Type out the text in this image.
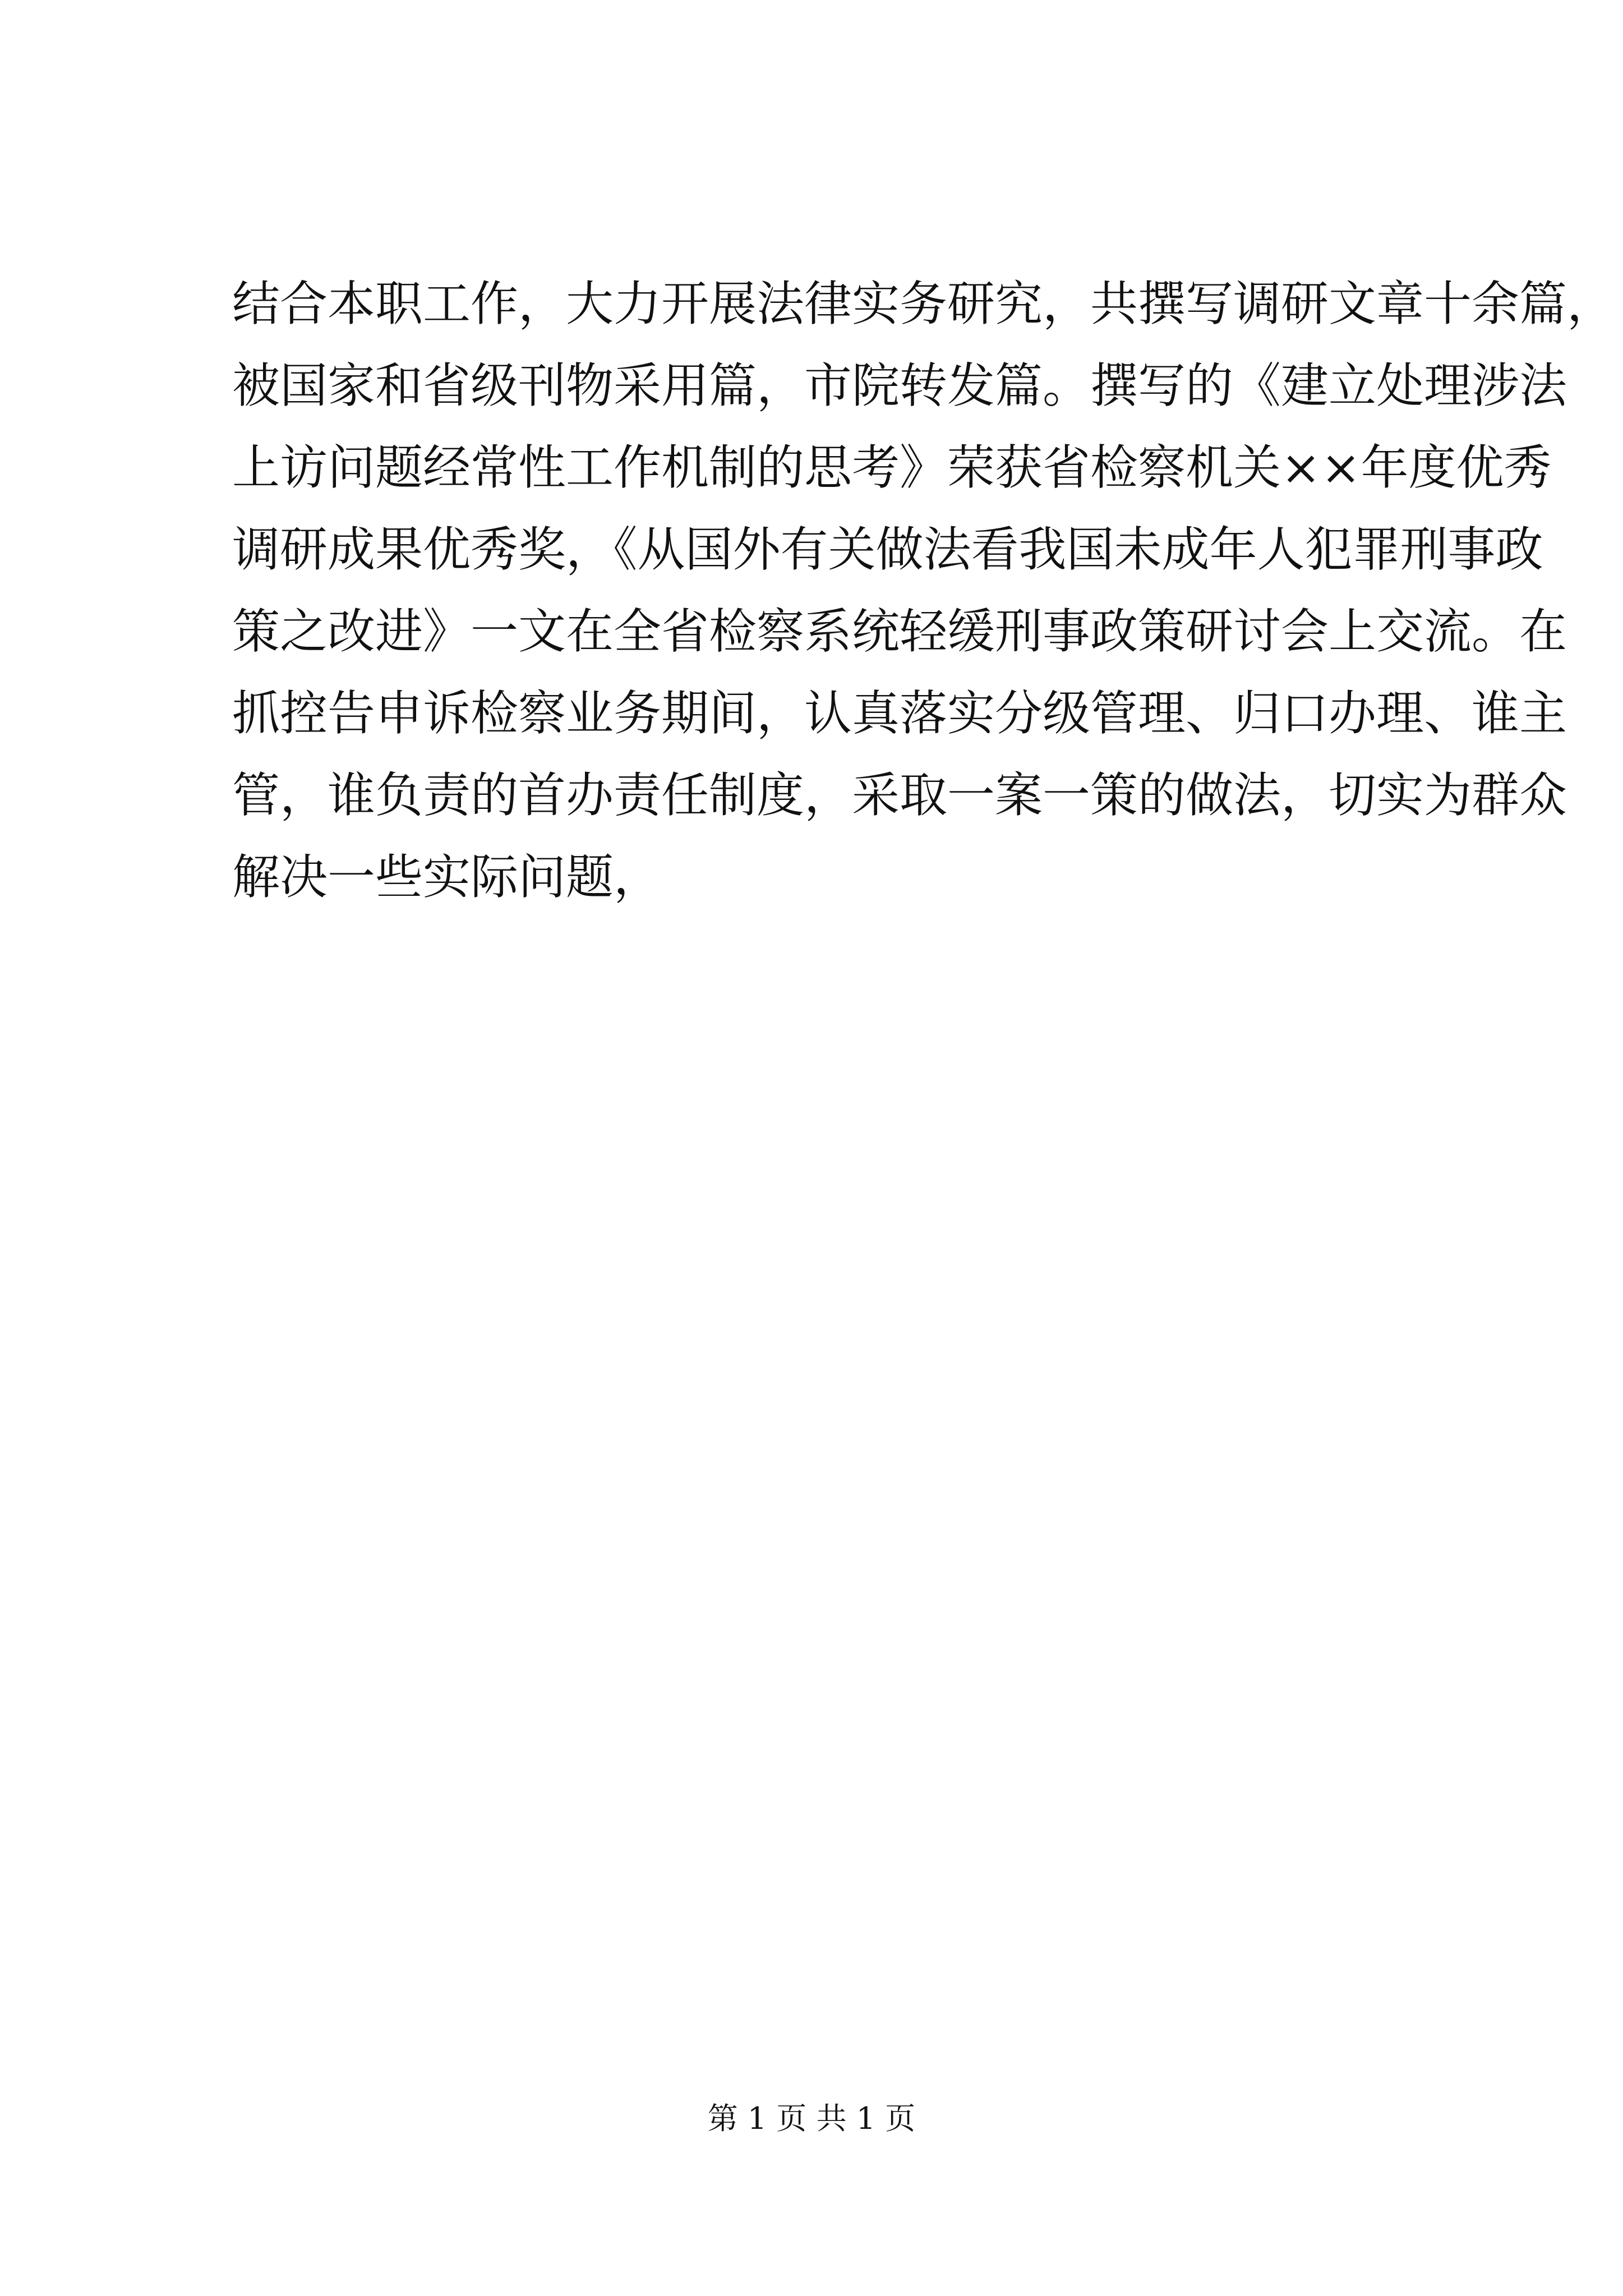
结合本职工作，大力开展法律实务研究，共撰写调研文章十余篇，
被国家和省级刊物采用篇，市院转发篇。撰写的《建立处理涉法
上访问题经常性工作机制的思考》荣获省检察机关××年度优秀
调研成果优秀奖，《从国外有关做法看我国未成年人犯罪刑事政
策之改进》一文在全省检察系统轻缓刑事政策研讨会上交流。在
抓控告申诉检察业务期间，认真落实分级管理、归口办理、谁主
管，谁负责的首办责任制度，采取一案一策的做法，切实为群众
解决一些实际问题，
第 1 页 共 1 页
